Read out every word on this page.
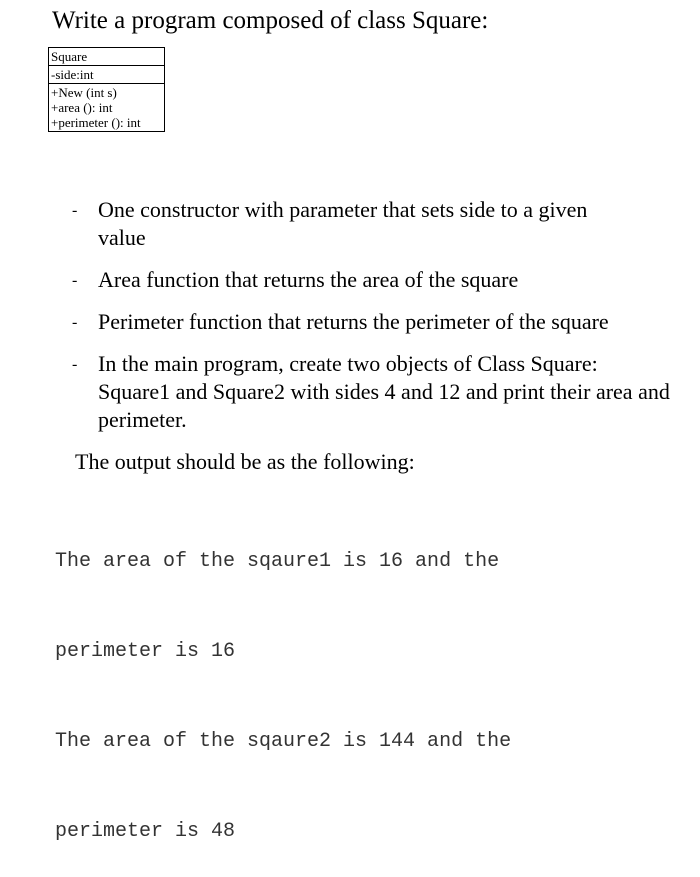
Write a program composed of class Square:
Square
-side:int
+New (int s)
+area (): int
+perimeter (): int
- One constructor with parameter that sets side to a given
value
- Area function that returns the area of the square
- Perimeter function that returns the perimeter of the square
- In the main program, create two objects of Class Square:
Square1 and Square2 with sides 4 and 12 and print their area and perimeter.
The output should be as the following:

The area of the sqaure1 is 16 and the

perimeter is 16

The area of the sqaure2 is 144 and the

perimeter is 48
